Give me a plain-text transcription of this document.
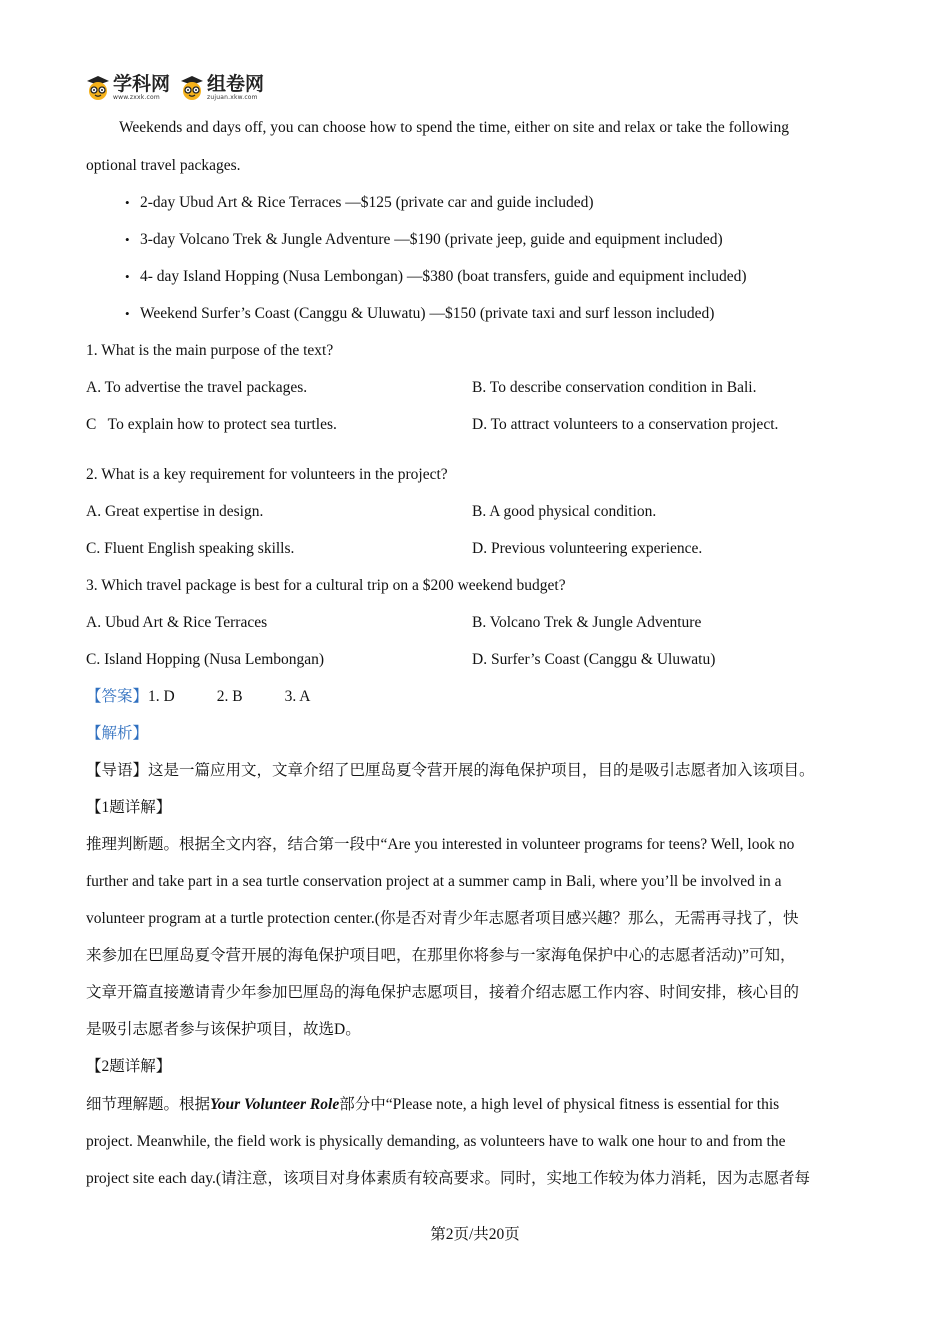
学科网
www.zxxk.com
组卷网
zujuan.xkw.com
Weekends and days off, you can choose how to spend the time, either on site and relax or take the following
optional travel packages.
• 2-day Ubud Art & Rice Terraces —$125 (private car and guide included)
• 3-day Volcano Trek & Jungle Adventure —$190 (private jeep, guide and equipment included)
• 4- day Island Hopping (Nusa Lembongan) —$380 (boat transfers, guide and equipment included)
• Weekend Surfer’s Coast (Canggu & Uluwatu) —$150 (private taxi and surf lesson included)
1. What is the main purpose of the text?
A. To advertise the travel packages.	B. To describe conservation condition in Bali.
C   To explain how to protect sea turtles.	D. To attract volunteers to a conservation project.
2. What is a key requirement for volunteers in the project?
A. Great expertise in design.	B. A good physical condition.
C. Fluent English speaking skills.	D. Previous volunteering experience.
3. Which travel package is best for a cultural trip on a $200 weekend budget?
A. Ubud Art & Rice Terraces	B. Volcano Trek & Jungle Adventure
C. Island Hopping (Nusa Lembongan)	D. Surfer’s Coast (Canggu & Uluwatu)
【答案】1. D	2. B	3. A
【解析】
【导语】这是一篇应用文，文章介绍了巴厘岛夏令营开展的海龟保护项目，目的是吸引志愿者加入该项目。
【1题详解】
推理判断题。根据全文内容，结合第一段中“Are you interested in volunteer programs for teens? Well, look no
further and take part in a sea turtle conservation project at a summer camp in Bali, where you’ll be involved in a
volunteer program at a turtle protection center.(你是否对青少年志愿者项目感兴趣？那么，无需再寻找了，快
来参加在巴厘岛夏令营开展的海龟保护项目吧，在那里你将参与一家海龟保护中心的志愿者活动)”可知，
文章开篇直接邀请青少年参加巴厘岛的海龟保护志愿项目，接着介绍志愿工作内容、时间安排，核心目的
是吸引志愿者参与该保护项目，故选D。
【2题详解】
细节理解题。根据Your Volunteer Role部分中“Please note, a high level of physical fitness is essential for this
project. Meanwhile, the field work is physically demanding, as volunteers have to walk one hour to and from the
project site each day.(请注意，该项目对身体素质有较高要求。同时，实地工作较为体力消耗，因为志愿者每
第2页/共20页
